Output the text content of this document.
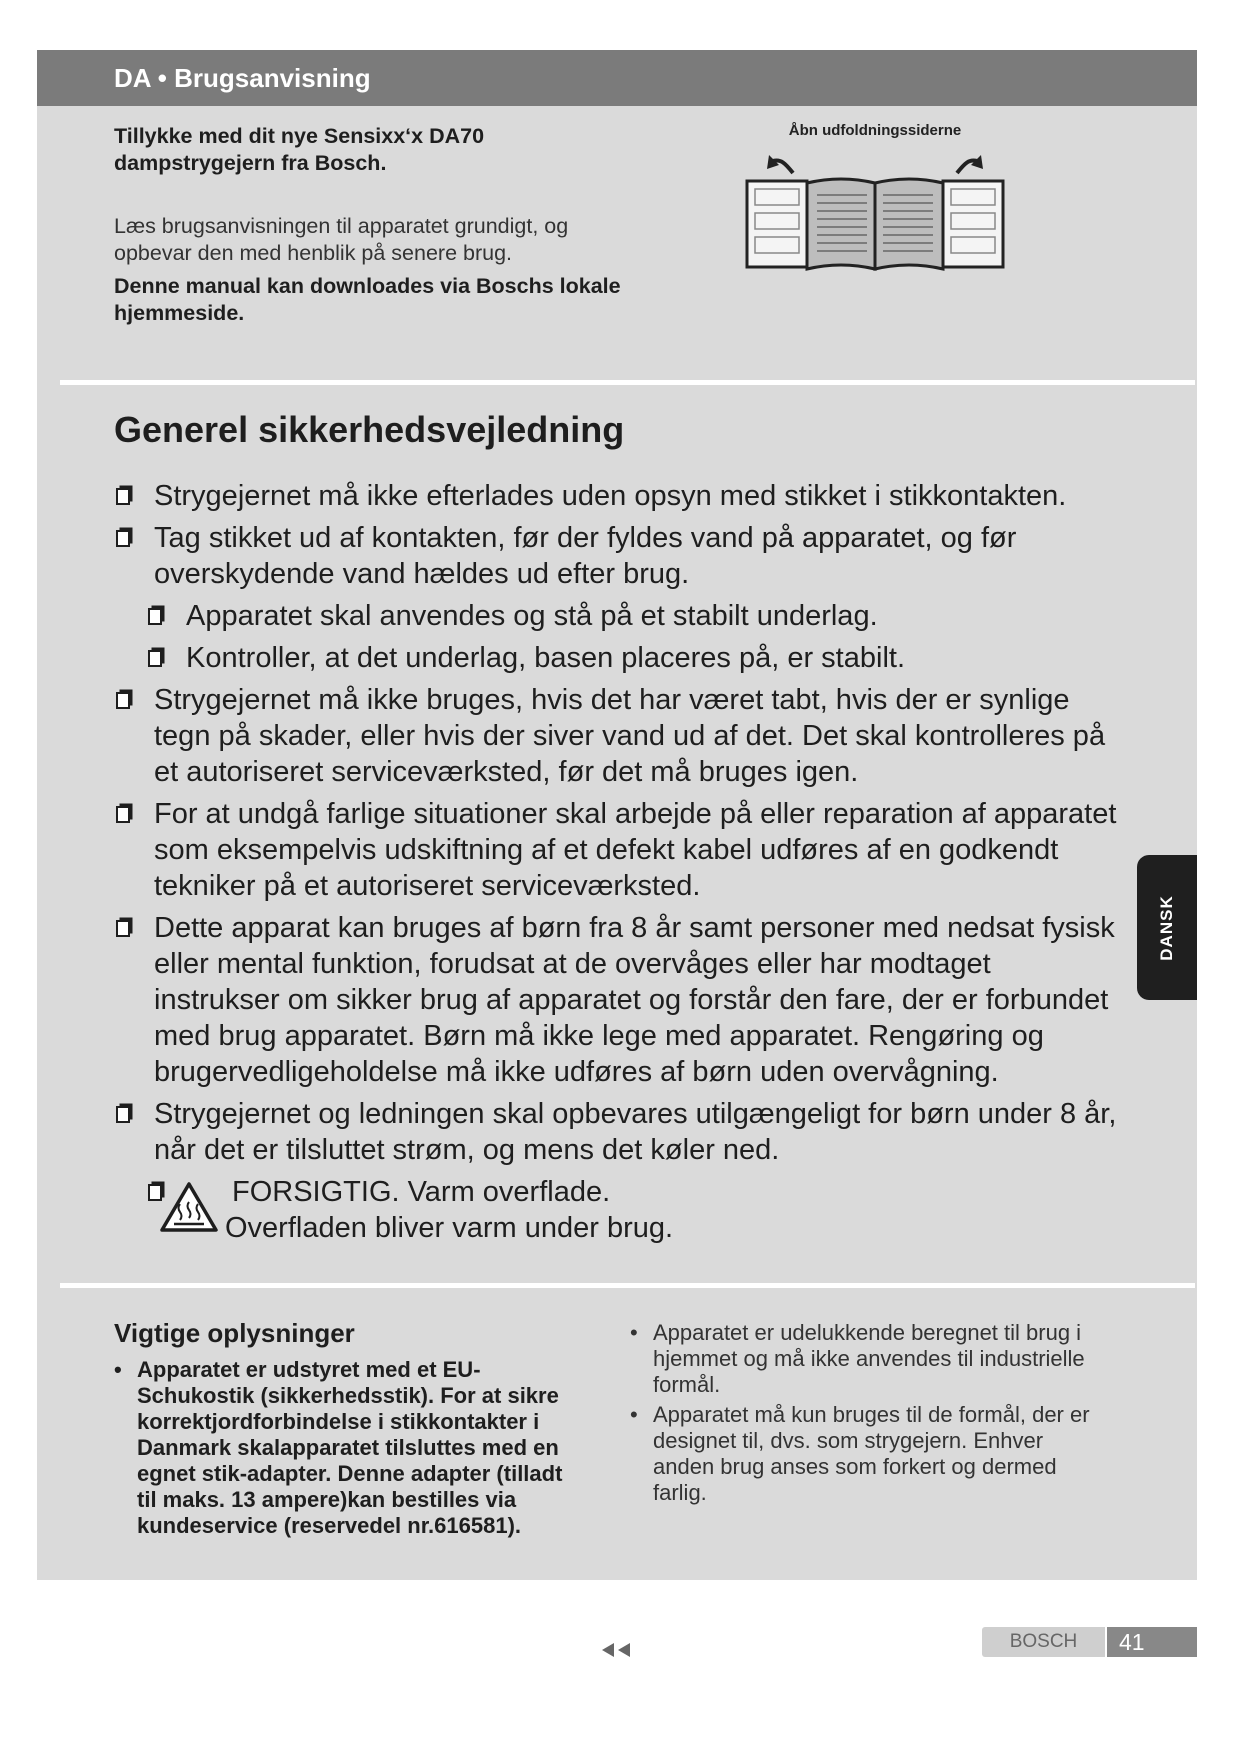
DA • Brugsanvisning

Tillykke med dit nye Sensixx‘x DA70 dampstrygejern fra Bosch.

Læs brugsanvisningen til apparatet grundigt, og opbevar den med henblik på senere brug.

Denne manual kan downloades via Boschs lokale hjemmeside.

Åbn udfoldningssiderne
Generel sikkerhedsvejledning
Strygejernet må ikke efterlades uden opsyn med stikket i stikkontakten.
Tag stikket ud af kontakten, før der fyldes vand på apparatet, og før overskydende vand hældes ud efter brug.
Apparatet skal anvendes og stå på et stabilt underlag.
Kontroller, at det underlag, basen placeres på, er stabilt.
Strygejernet må ikke bruges, hvis det har været tabt, hvis der er synlige tegn på skader, eller hvis der siver vand ud af det. Det skal kontrolleres på et autoriseret serviceværksted, før det må bruges igen.
For at undgå farlige situationer skal arbejde på eller reparation af apparatet som eksempelvis udskiftning af et defekt kabel udføres af en godkendt tekniker på et autoriseret serviceværksted.
Dette apparat kan bruges af børn fra 8 år samt personer med nedsat fysisk eller mental funktion, forudsat at de overvåges eller har modtaget instrukser om sikker brug af apparatet og forstår den fare, der er forbundet med brug apparatet. Børn må ikke lege med apparatet. Rengøring og brugervedligeholdelse må ikke udføres af børn uden overvågning.
Strygejernet og ledningen skal opbevares utilgængeligt for børn under 8 år, når det er tilsluttet strøm, og mens det køler ned.
FORSIGTIG. Varm overflade.
Overfladen bliver varm under brug.
Vigtige oplysninger
• Apparatet er udstyret med et EU-Schukostik (sikkerhedsstik). For at sikre korrektjordforbindelse i stikkontakter i Danmark skalapparatet tilsluttes med en egnet stik-adapter. Denne adapter (tilladt til maks. 13 ampere)kan bestilles via kundeservice (reservedel nr.616581).
• Apparatet er udelukkende beregnet til brug i hjemmet og må ikke anvendes til industrielle formål.
• Apparatet må kun bruges til de formål, der er designet til, dvs. som strygejern. Enhver anden brug anses som forkert og dermed farlig.
DANSK
BOSCH	41
